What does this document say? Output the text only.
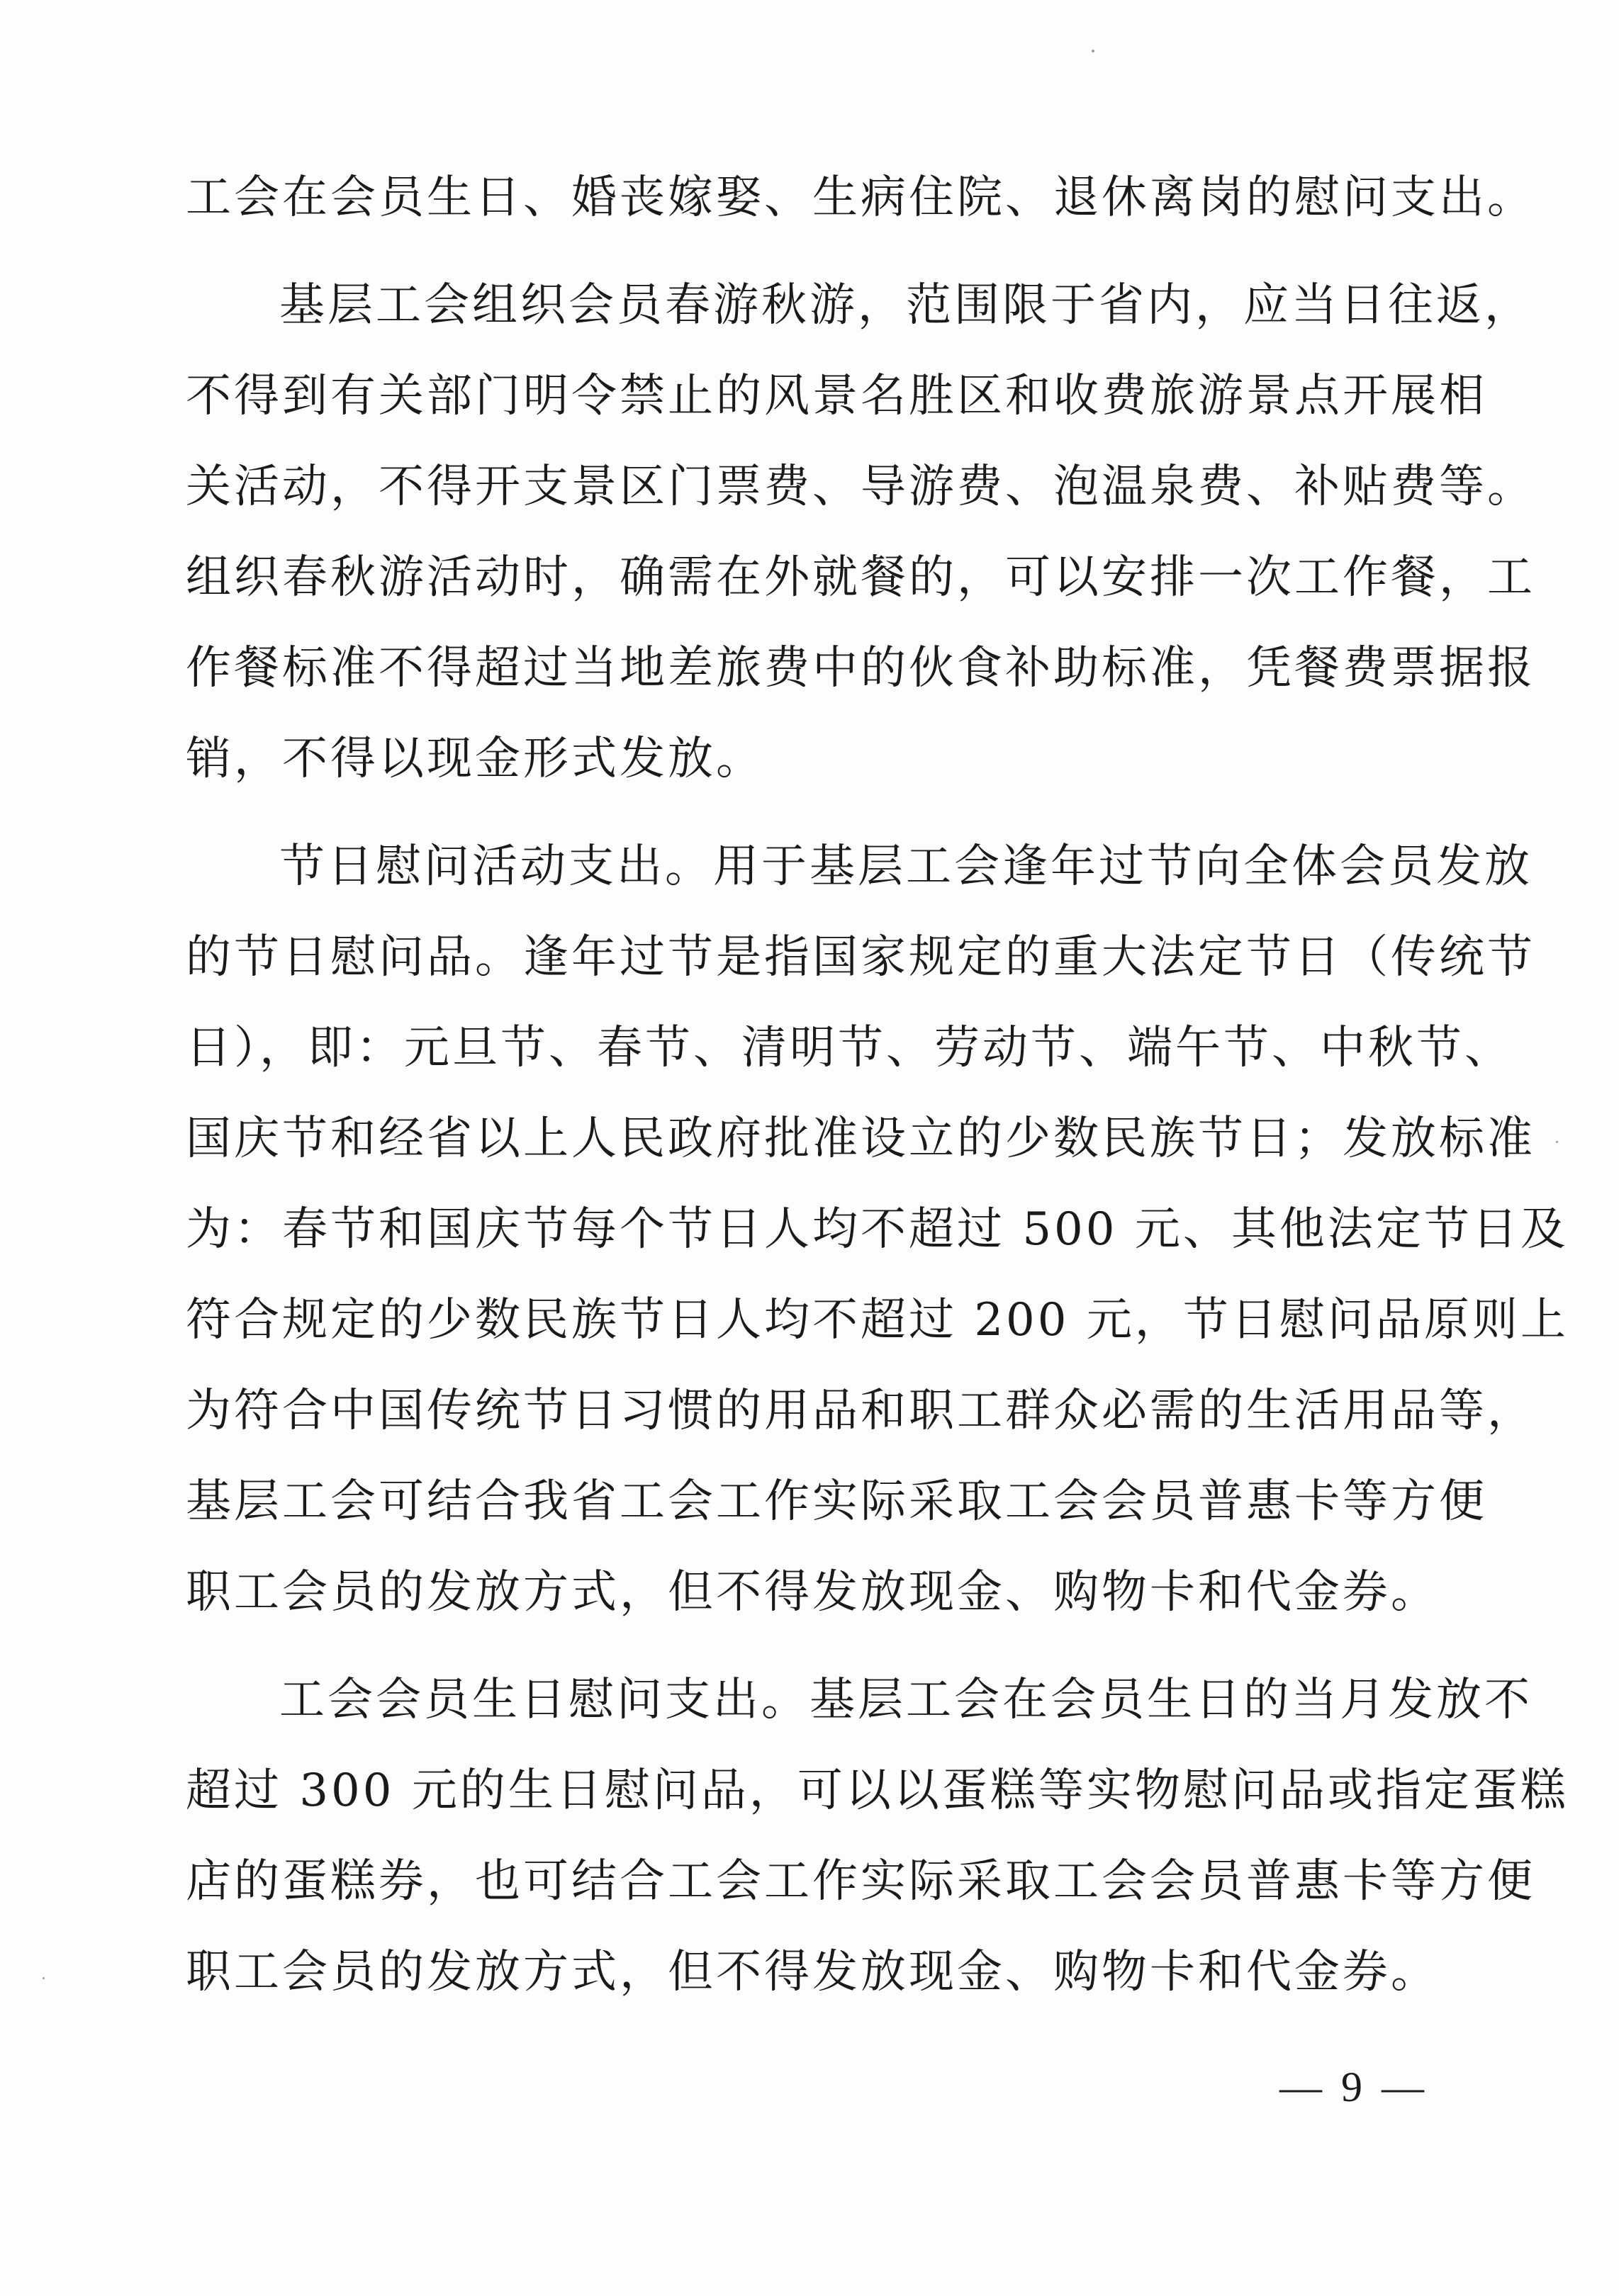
工会在会员生日、婚丧嫁娶、生病住院、退休离岗的慰问支出。
基层工会组织会员春游秋游，范围限于省内，应当日往返，
不得到有关部门明令禁止的风景名胜区和收费旅游景点开展相
关活动，不得开支景区门票费、导游费、泡温泉费、补贴费等。
组织春秋游活动时，确需在外就餐的，可以安排一次工作餐，工
作餐标准不得超过当地差旅费中的伙食补助标准，凭餐费票据报
销，不得以现金形式发放。
节日慰问活动支出。用于基层工会逢年过节向全体会员发放
的节日慰问品。逢年过节是指国家规定的重大法定节日（传统节
日），即：元旦节、春节、清明节、劳动节、端午节、中秋节、
国庆节和经省以上人民政府批准设立的少数民族节日；发放标准
为：春节和国庆节每个节日人均不超过 500 元、其他法定节日及
符合规定的少数民族节日人均不超过 200 元，节日慰问品原则上
为符合中国传统节日习惯的用品和职工群众必需的生活用品等，
基层工会可结合我省工会工作实际采取工会会员普惠卡等方便
职工会员的发放方式，但不得发放现金、购物卡和代金券。
工会会员生日慰问支出。基层工会在会员生日的当月发放不
超过 300 元的生日慰问品，可以以蛋糕等实物慰问品或指定蛋糕
店的蛋糕券，也可结合工会工作实际采取工会会员普惠卡等方便
职工会员的发放方式，但不得发放现金、购物卡和代金券。
— 9 —
